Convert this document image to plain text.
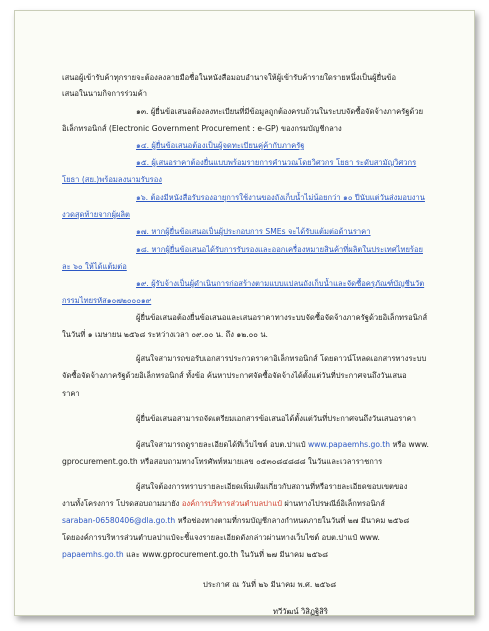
เสนอผู้เข้ารับค้าทุกรายจะต้องลงลายมือชื่อในหนังสือมอบอำนาจให้ผู้เข้ารับค้ารายใดรายหนึ่งเป็นผู้ยื่นข้อ
เสนอในนามกิจการร่วมค้า
๑๓. ผู้ยื่นข้อเสนอต้องลงทะเบียนที่มีข้อมูลถูกต้องครบถ้วนในระบบจัดซื้อจัดจ้างภาครัฐด้วย
อิเล็กทรอนิกส์ (Electronic Government Procurement : e-GP) ของกรมบัญชีกลาง
๑๔. ผู้ยื่นข้อเสนอต้องเป็นผู้จดทะเบียนคู่ค้ากับภาครัฐ
๑๕. ผู้เสนอราคาต้องยื่นแบบพร้อมรายการคำนวณโดยวิศวกร โยธา ระดับสามัญวิศวกร
โยธา (สย.)พร้อมลงนามรับรอง
๑๖. ต้องมีหนังสือรับรองอายุการใช้งานของถังเก็บน้ำไม่น้อยกว่า ๑๐ ปีนับแต่วันส่งมอบงาน
งวดสุดท้ายจากผู้ผลิต
๑๗. หากผู้ยื่นข้อเสนอเป็นผู้ประกอบการ SMEs จะได้รับแต้มต่อด้านราคา
๑๘. หากผู้ยื่นข้อเสนอได้รับการรับรองและออกเครื่องหมายสินค้าที่ผลิตในประเทศไทยร้อย
ละ ๖๐ ให้ได้แต้มต่อ
๑๙. ผู้รับจ้างเป็นผู้ดำเนินการก่อสร้างตามแบบแปลนถังเก็บน้ำและจัดซื้อครุภัณฑ์บัญชีนวัต
กรรมไทยรหัส๑๐๗๒๐๐๐๑๙
ผู้ยื่นข้อเสนอต้องยื่นข้อเสนอและเสนอราคาทางระบบจัดซื้อจัดจ้างภาครัฐด้วยอิเล็กทรอนิกส์
ในวันที่ ๑ เมษายน ๒๕๖๘ ระหว่างเวลา ๐๙.๐๐ น. ถึง ๑๒.๐๐ น.
ผู้สนใจสามารถขอรับเอกสารประกวดราคาอิเล็กทรอนิกส์ โดยดาวน์โหลดเอกสารทางระบบ
จัดซื้อจัดจ้างภาครัฐด้วยอิเล็กทรอนิกส์ ทั้งข้อ ค้นหาประกาศจัดซื้อจัดจ้างได้ตั้งแต่วันที่ประกาศจนถึงวันเสนอ
ราคา
ผู้ยื่นข้อเสนอสามารถจัดเตรียมเอกสารข้อเสนอได้ตั้งแต่วันที่ประกาศจนถึงวันเสนอราคา
ผู้สนใจสามารถดูรายละเอียดได้ที่เว็บไซต์ อบต.ปาแป๋ www.papaemhs.go.th หรือ www.
gprocurement.go.th หรือสอบถามทางโทรศัพท์หมายเลข ๐๕๓๐๘๔๘๘๘ ในวันและเวลาราชการ
ผู้สนใจต้องการทราบรายละเอียดเพิ่มเติมเกี่ยวกับสถานที่หรือรายละเอียดขอบเขตของ
งานทั้งโครงการ โปรดสอบถามมายัง องค์การบริหารส่วนตำบลปาแป๋ ผ่านทางไปรษณีย์อิเล็กทรอนิกส์
saraban-06580406@dla.go.th หรือช่องทางตามที่กรมบัญชีกลางกำหนดภายในวันที่ ๒๗ มีนาคม ๒๕๖๘
โดยองค์การบริหารส่วนตำบลปาแป๋จะชี้แจงรายละเอียดดังกล่าวผ่านทางเว็บไซต์ อบต.ปาแป๋ www.
papaemhs.go.th และ www.gprocurement.go.th ในวันที่ ๒๗ มีนาคม ๒๕๖๘
ประกาศ ณ วันที่ ๒๖ มีนาคม พ.ศ. ๒๕๖๘
ทวีวัฒน์ วิสิฏฐิสิริ
